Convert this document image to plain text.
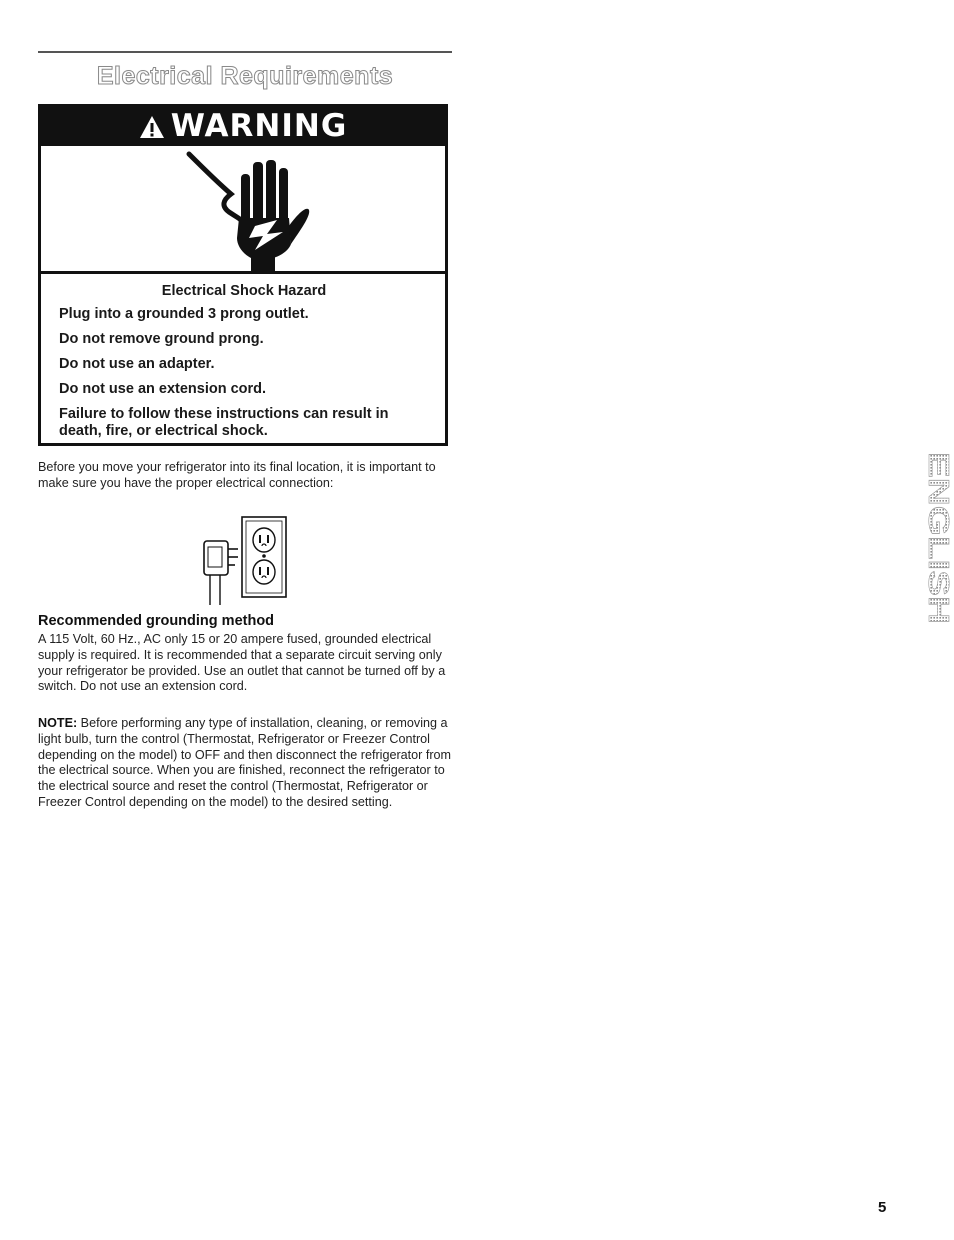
Electrical Requirements
WARNING
Electrical Shock Hazard

Plug into a grounded 3 prong outlet.

Do not remove ground prong.

Do not use an adapter.

Do not use an extension cord.

Failure to follow these instructions can result in death, fire, or electrical shock.

Before you move your refrigerator into its final location, it is important to make sure you have the proper electrical connection:
Recommended grounding method
A 115 Volt, 60 Hz., AC only 15 or 20 ampere fused, grounded electrical supply is required. It is recommended that a separate circuit serving only your refrigerator be provided. Use an outlet that cannot be turned off by a switch. Do not use an extension cord.
NOTE: Before performing any type of installation, cleaning, or removing a light bulb, turn the control (Thermostat, Refrigerator or Freezer Control depending on the model) to OFF and then disconnect the refrigerator from the electrical source. When you are finished, reconnect the refrigerator to the electrical source and reset the control (Thermostat, Refrigerator or Freezer Control depending on the model) to the desired setting.
ENGLISH
5
